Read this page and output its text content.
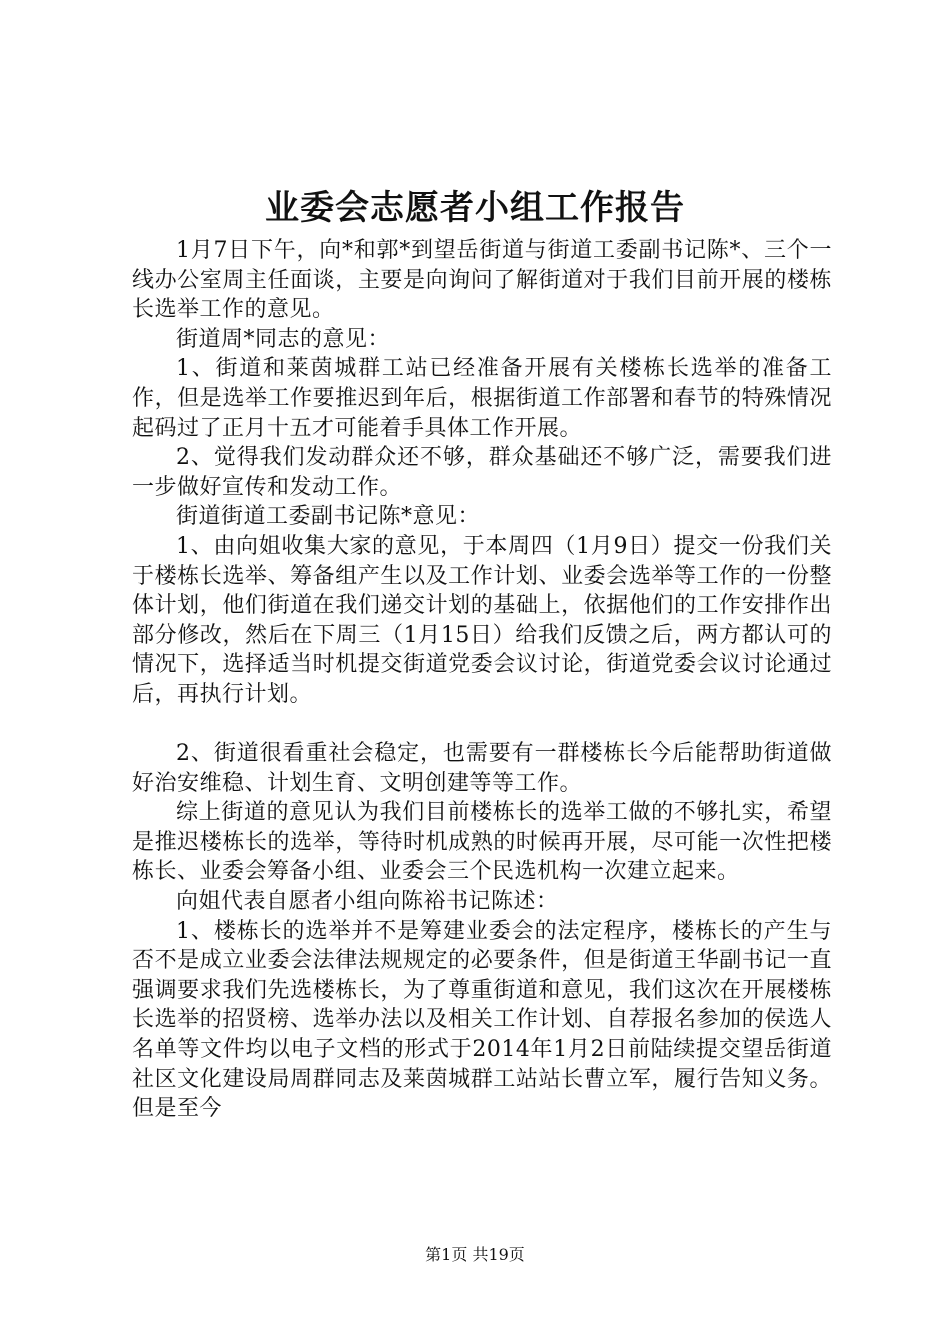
业委会志愿者小组工作报告

1月7日下午，向*和郭*到望岳街道与街道工委副书记陈*、三个一线办公室周主任面谈，主要是向询问了解街道对于我们目前开展的楼栋长选举工作的意见。

街道周*同志的意见：

1、街道和莱茵城群工站已经准备开展有关楼栋长选举的准备工作，但是选举工作要推迟到年后，根据街道工作部署和春节的特殊情况起码过了正月十五才可能着手具体工作开展。

2、觉得我们发动群众还不够，群众基础还不够广泛，需要我们进一步做好宣传和发动工作。

街道街道工委副书记陈*意见：

1、由向姐收集大家的意见，于本周四（1月9日）提交一份我们关于楼栋长选举、筹备组产生以及工作计划、业委会选举等工作的一份整体计划，他们街道在我们递交计划的基础上，依据他们的工作安排作出部分修改，然后在下周三（1月15日）给我们反馈之后，两方都认可的情况下，选择适当时机提交街道党委会议讨论，街道党委会议讨论通过后，再执行计划。

2、街道很看重社会稳定，也需要有一群楼栋长今后能帮助街道做好治安维稳、计划生育、文明创建等等工作。

综上街道的意见认为我们目前楼栋长的选举工做的不够扎实，希望是推迟楼栋长的选举，等待时机成熟的时候再开展，尽可能一次性把楼栋长、业委会筹备小组、业委会三个民选机构一次建立起来。

向姐代表自愿者小组向陈裕书记陈述：

1、楼栋长的选举并不是筹建业委会的法定程序，楼栋长的产生与否不是成立业委会法律法规规定的必要条件，但是街道王华副书记一直强调要求我们先选楼栋长，为了尊重街道和意见，我们这次在开展楼栋长选举的招贤榜、选举办法以及相关工作计划、自荐报名参加的侯选人名单等文件均以电子文档的形式于2014年1月2日前陆续提交望岳街道社区文化建设局周群同志及莱茵城群工站站长曹立军，履行告知义务。但是至今

第1页 共19页
